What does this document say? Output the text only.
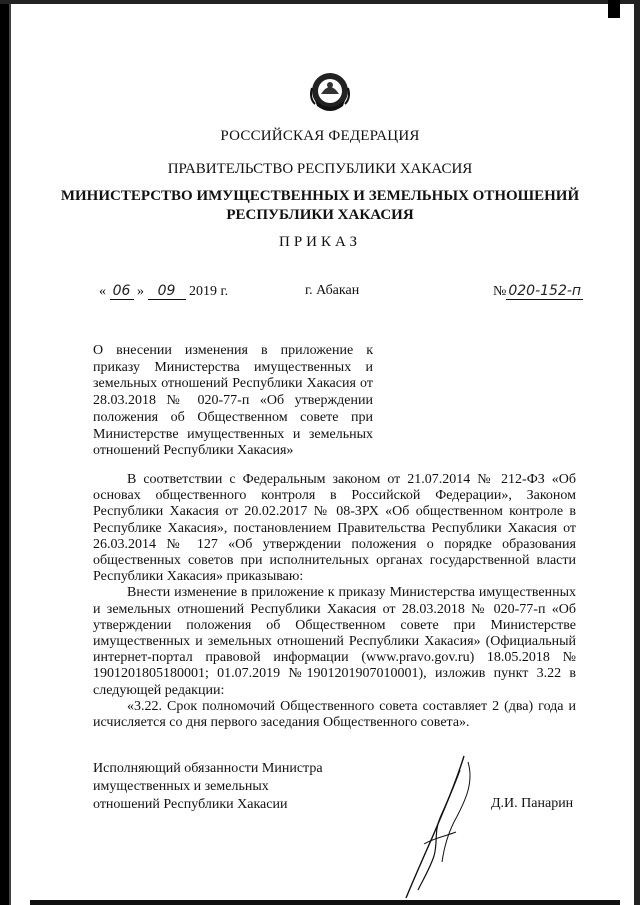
РОССИЙСКАЯ ФЕДЕРАЦИЯ
ПРАВИТЕЛЬСТВО РЕСПУБЛИКИ ХАКАСИЯ
МИНИСТЕРСТВО ИМУЩЕСТВЕННЫХ И ЗЕМЕЛЬНЫХ ОТНОШЕНИЙ
РЕСПУБЛИКИ ХАКАСИЯ
ПРИКАЗ
« 06 » 09 2019 г.	г. Абакан	№ 020-152-п
О внесении изменения в приложение к приказу Министерства имущественных и земельных отношений Республики Хакасия от 28.03.2018 № 020-77-п «Об утверждении положения об Общественном совете при Министерстве имущественных и земельных отношений Республики Хакасия»

В соответствии с Федеральным законом от 21.07.2014 № 212-ФЗ «Об основах общественного контроля в Российской Федерации», Законом Республики Хакасия от 20.02.2017 № 08-ЗРХ «Об общественном контроле в Республике Хакасия», постановлением Правительства Республики Хакасия от 26.03.2014 № 127 «Об утверждении положения о порядке образования общественных советов при исполнительных органах государственной власти Республики Хакасия» приказываю:

Внести изменение в приложение к приказу Министерства имущественных и земельных отношений Республики Хакасия от 28.03.2018 № 020-77-п «Об утверждении положения об Общественном совете при Министерстве имущественных и земельных отношений Республики Хакасия» (Официальный интернет-портал правовой информации (www.pravo.gov.ru) 18.05.2018 № 1901201805180001; 01.07.2019 №1901201907010001), изложив пункт 3.22 в следующей редакции:

«3.22. Срок полномочий Общественного совета составляет 2 (два) года и исчисляется со дня первого заседания Общественного совета».

Исполняющий обязанности Министра
имущественных и земельных
отношений Республики Хакасии	Д.И. Панарин
